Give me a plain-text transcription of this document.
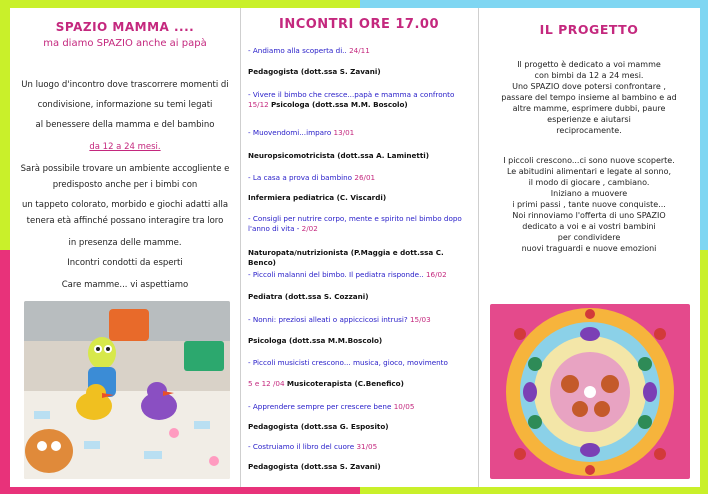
SPAZIO MAMMA ....
ma diamo SPAZIO anche ai papà
Un luogo d'incontro dove trascorrere momenti di
condivisione, informazione su temi legati
al benessere della mamma e del bambino
da 12 a 24 mesi.
Sarà possibile trovare un ambiente accogliente e
predisposto anche per i bimbi con
un tappeto colorato, morbido e giochi adatti alla
tenera età affinché possano interagire tra loro
in presenza delle mamme.
Incontri condotti da esperti
Care mamme... vi aspettiamo
INCONTRI ORE 17.00
- Andiamo alla scoperta di.. 24/11
Pedagogista (dott.ssa S. Zavani)
- Vivere il bimbo che cresce...papà e mamma a confronto
15/12 Psicologa (dott.ssa M.M. Boscolo)
- Muovendomi...imparo 13/01
Neuropsicomotricista (dott.ssa A. Laminetti)
- La casa a prova di bambino 26/01
Infermiera pediatrica (C. Viscardi)
- Consigli per nutrire corpo, mente e spirito nel bimbo dopo l'anno di vita - 2/02
Naturopata/nutrizionista (P.Maggia e dott.ssa C. Benco)
- Piccoli malanni del bimbo. Il pediatra risponde.. 16/02
Pediatra (dott.ssa S. Cozzani)
- Nonni: preziosi alleati o appiccicosi intrusi? 15/03
Psicologa (dott.ssa M.M.Boscolo)
- Piccoli musicisti crescono... musica, gioco, movimento
5 e 12 /04 Musicoterapista (C.Benefico)
- Apprendere sempre per crescere bene 10/05
Pedagogista (dott.ssa G. Esposito)
- Costruiamo il libro del cuore 31/05
Pedagogista (dott.ssa S. Zavani)
IL PROGETTO
Il progetto è dedicato a voi mamme
con bimbi da 12 a 24 mesi.
Uno SPAZIO dove potersi confrontare ,
passare del tempo insieme al bambino e ad
altre mamme, esprimere dubbi, paure
esperienze e aiutarsi
reciprocamente.
I piccoli crescono...ci sono nuove scoperte.
Le abitudini alimentari e legate al sonno,
il modo di giocare , cambiano.
Iniziano a muovere
i primi passi , tante nuove conquiste...
Noi rinnoviamo l'offerta di uno SPAZIO
dedicato a voi e ai vostri bambini
per condividere
nuovi traguardi e nuove emozioni
